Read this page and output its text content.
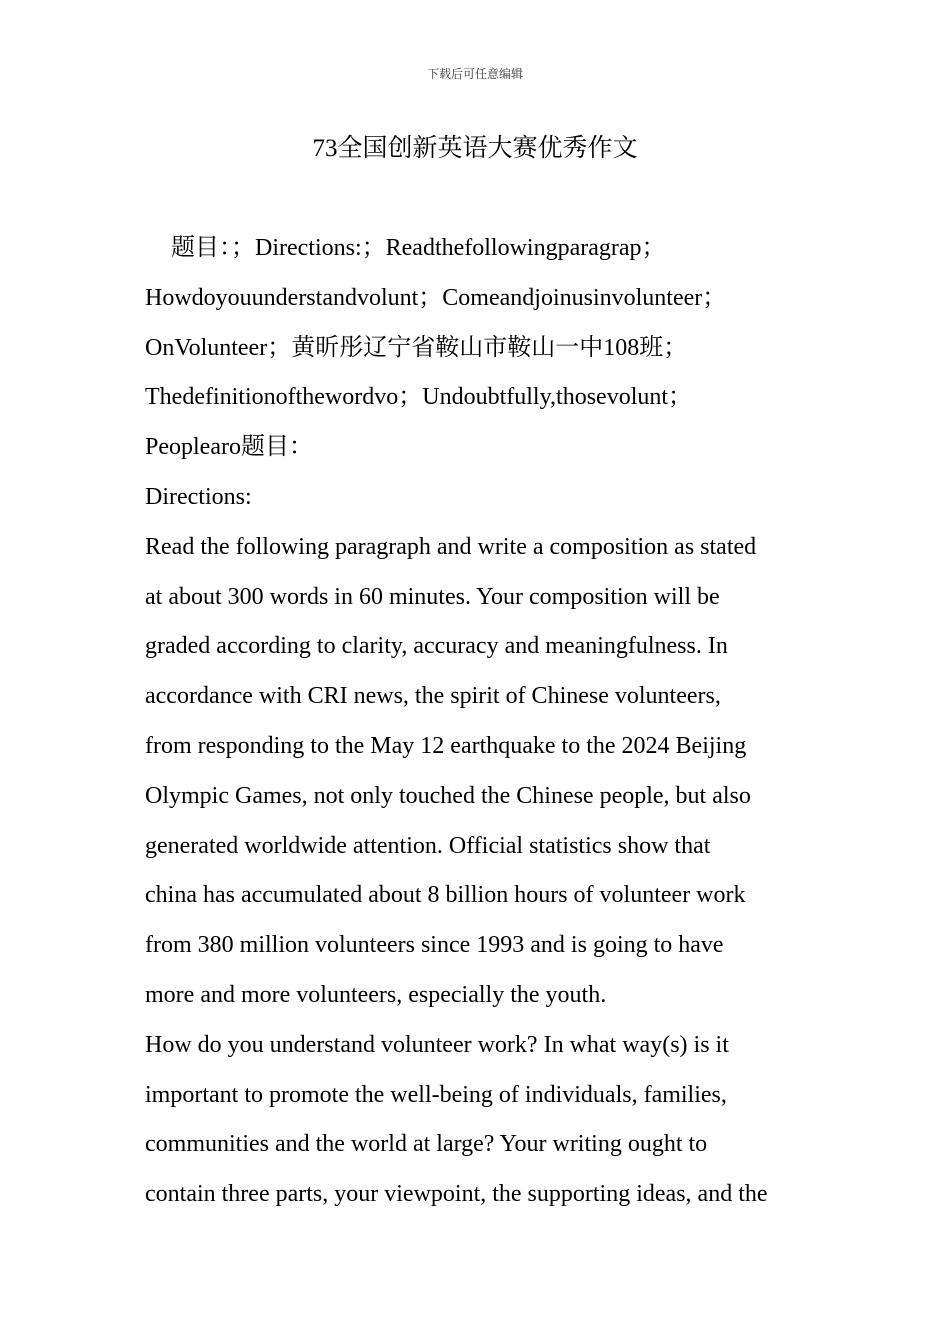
下载后可任意编辑
73全国创新英语大赛优秀作文
题目：；Directions:；Readthefollowingparagrap；
Howdoyouunderstandvolunt；Comeandjoinusinvolunteer；
OnVolunteer；黄昕彤辽宁省鞍山市鞍山一中108班；
Thedefinitionofthewordvo；Undoubtfully,thosevolunt；
Peoplearo题目：
Directions:
Read the following paragraph and write a composition as stated
at about 300 words in 60 minutes. Your composition will be
graded according to clarity, accuracy and meaningfulness. In
accordance with CRI news, the spirit of Chinese volunteers,
from responding to the May 12 earthquake to the 2024 Beijing
Olympic Games, not only touched the Chinese people, but also
generated worldwide attention. Official statistics show that
china has accumulated about 8 billion hours of volunteer work
from 380 million volunteers since 1993 and is going to have
more and more volunteers, especially the youth.
How do you understand volunteer work? In what way(s) is it
important to promote the well-being of individuals, families,
communities and the world at large? Your writing ought to
contain three parts, your viewpoint, the supporting ideas, and the
